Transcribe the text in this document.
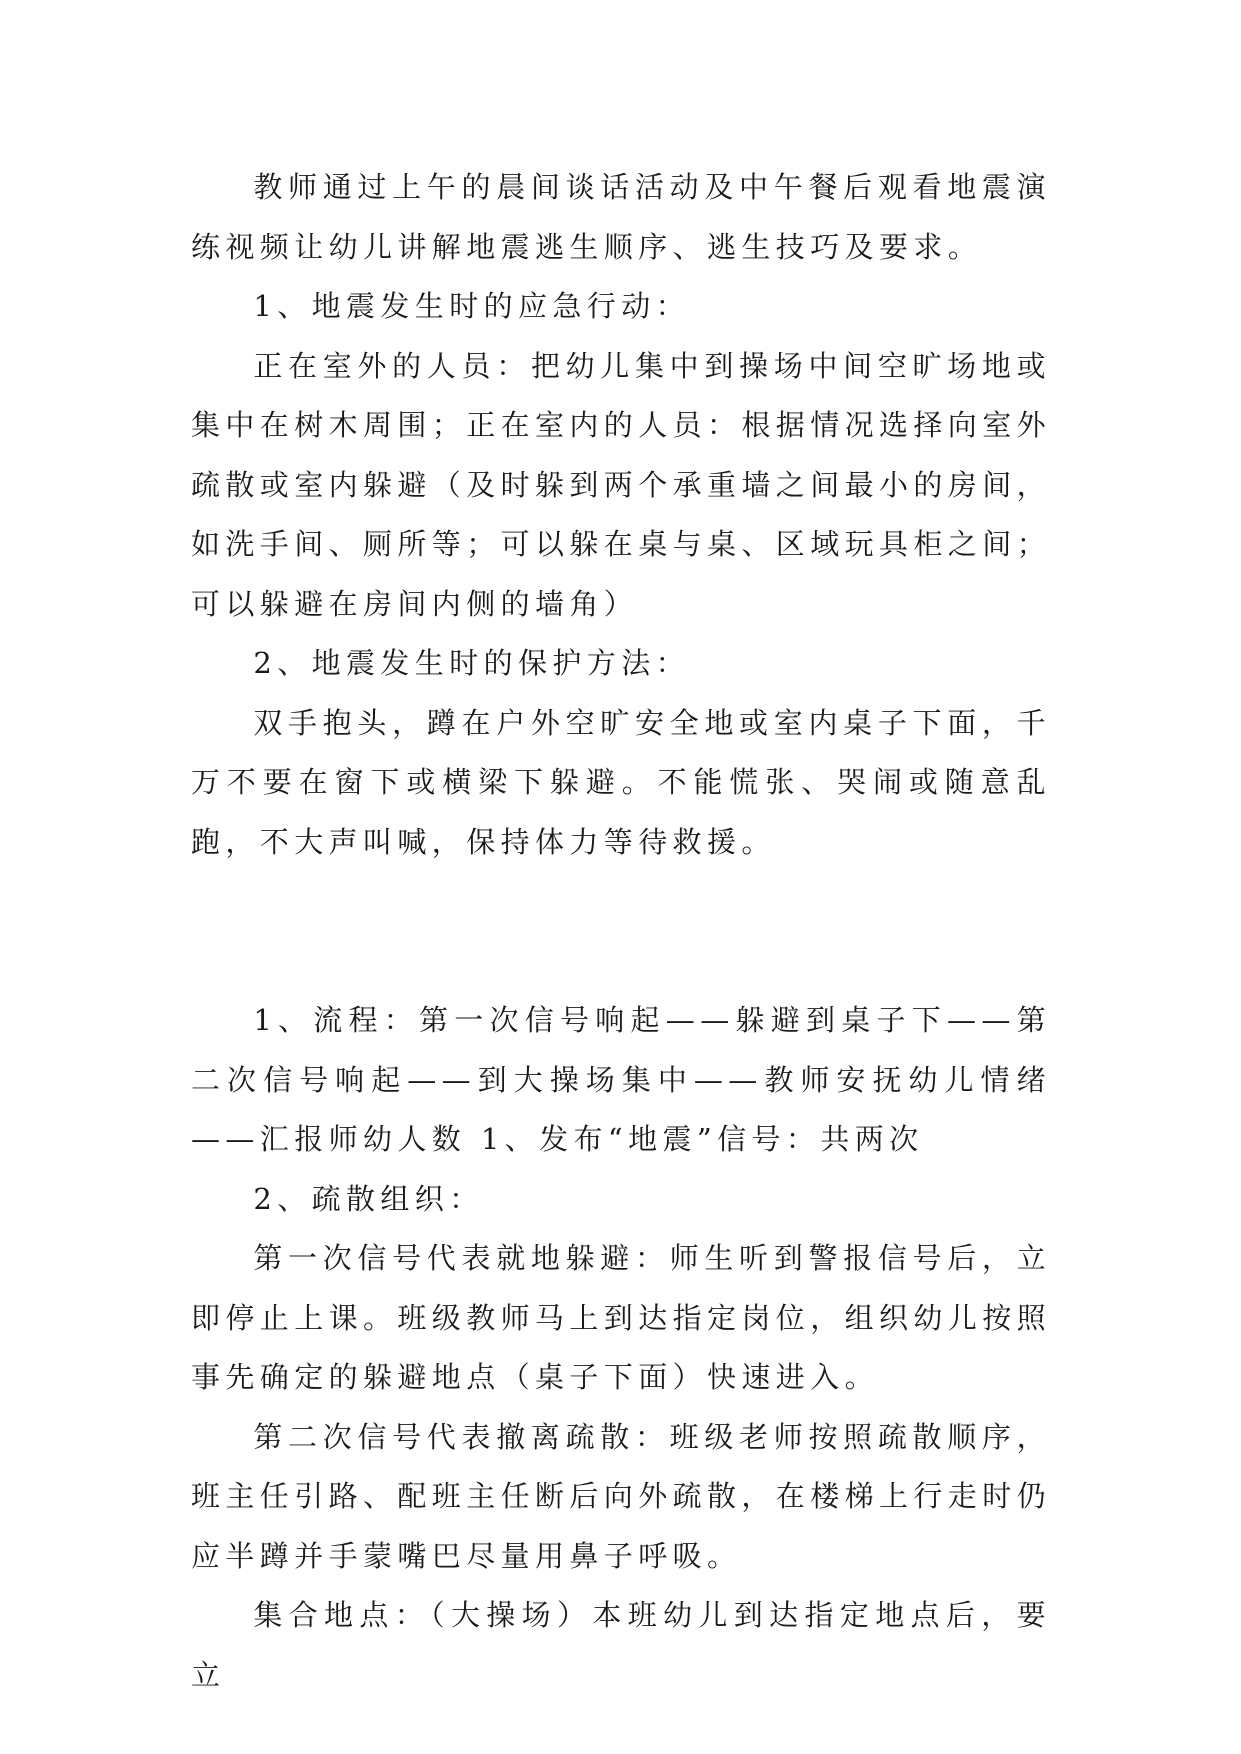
教师通过上午的晨间谈话活动及中午餐后观看地震演练视频让幼儿讲解地震逃生顺序、逃生技巧及要求。

1、地震发生时的应急行动：

正在室外的人员：把幼儿集中到操场中间空旷场地或集中在树木周围；正在室内的人员：根据情况选择向室外疏散或室内躲避（及时躲到两个承重墙之间最小的房间，如洗手间、厕所等；可以躲在桌与桌、区域玩具柜之间；可以躲避在房间内侧的墙角）

2、地震发生时的保护方法：

双手抱头，蹲在户外空旷安全地或室内桌子下面，千万不要在窗下或横梁下躲避。不能慌张、哭闹或随意乱跑，不大声叫喊，保持体力等待救援。

1、流程：第一次信号响起——躲避到桌子下——第二次信号响起——到大操场集中——教师安抚幼儿情绪——汇报师幼人数 1、发布“地震”信号：共两次

2、疏散组织：

第一次信号代表就地躲避：师生听到警报信号后，立即停止上课。班级教师马上到达指定岗位，组织幼儿按照事先确定的躲避地点（桌子下面）快速进入。

第二次信号代表撤离疏散：班级老师按照疏散顺序，班主任引路、配班主任断后向外疏散，在楼梯上行走时仍应半蹲并手蒙嘴巴尽量用鼻子呼吸。

集合地点：（大操场）本班幼儿到达指定地点后，要立
